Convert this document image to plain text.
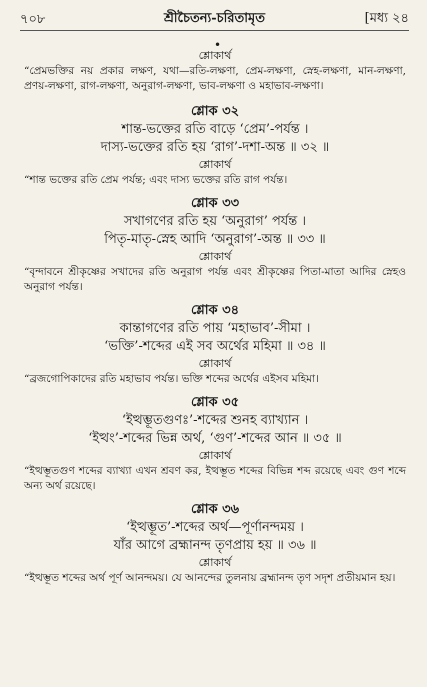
৭০৮	শ্রীচৈতন্য-চরিতামৃত	[মধ্য ২৪
•
শ্লোকার্থ
“প্রেমভক্তির নয় প্রকার লক্ষণ, যথা—রতি-লক্ষণা, প্রেম-লক্ষণা, স্নেহ-লক্ষণা, মান-লক্ষণা, প্রণয়-লক্ষণা, রাগ-লক্ষণা, অনুরাগ-লক্ষণা, ভাব-লক্ষণা ও মহাভাব-লক্ষণা।
শ্লোক ৩২
শান্ত-ভক্তের রতি বাড়ে ‘প্রেম’-পর্যন্ত ।
দাস্য-ভক্তের রতি হয় ‘রাগ’-দশা-অন্ত ॥ ৩২ ॥
শ্লোকার্থ
“শান্ত ভক্তের রতি প্রেম পর্যন্ত; এবং দাস্য ভক্তের রতি রাগ পর্যন্ত।
শ্লোক ৩৩
সখাগণের রতি হয় ‘অনুরাগ’ পর্যন্ত ।
পিতৃ-মাতৃ-স্নেহ আদি ‘অনুরাগ’-অন্ত ॥ ৩৩ ॥
শ্লোকার্থ
“বৃন্দাবনে শ্রীকৃষ্ণের সখাদের রতি অনুরাগ পর্যন্ত এবং শ্রীকৃষ্ণের পিতা-মাতা আদির স্নেহও অনুরাগ পর্যন্ত।
শ্লোক ৩৪
কান্তাগণের রতি পায় ‘মহাভাব’-সীমা ।
‘ভক্তি’-শব্দের এই সব অর্থের মহিমা ॥ ৩৪ ॥
শ্লোকার্থ
“ব্রজগোপিকাদের রতি মহাভাব পর্যন্ত। ভক্তি শব্দের অর্থের এইসব মহিমা।
শ্লোক ৩৫
‘ইত্থম্ভূতগুণঃ’-শব্দের শুনহ ব্যাখ্যান ।
‘ইত্থং’-শব্দের ভিন্ন অর্থ, ‘গুণ’-শব্দের আন ॥ ৩৫ ॥
শ্লোকার্থ
“ইত্থম্ভূতগুণ শব্দের ব্যাখ্যা এখন শ্রবণ কর, ইত্থম্ভূত শব্দের বিভিন্ন শব্দ রয়েছে এবং গুণ শব্দে অন্য অর্থ রয়েছে।
শ্লোক ৩৬
‘ইত্থম্ভূত’-শব্দের অর্থ—পূর্ণানন্দময় ।
যাঁর আগে ব্রহ্মানন্দ তৃণপ্রায় হয় ॥ ৩৬ ॥
শ্লোকার্থ
“ইত্থম্ভূত শব্দের অর্থ পূর্ণ আনন্দময়। যে আনন্দের তুলনায় ব্রহ্মানন্দ তৃণ সদৃশ প্রতীয়মান হয়।
